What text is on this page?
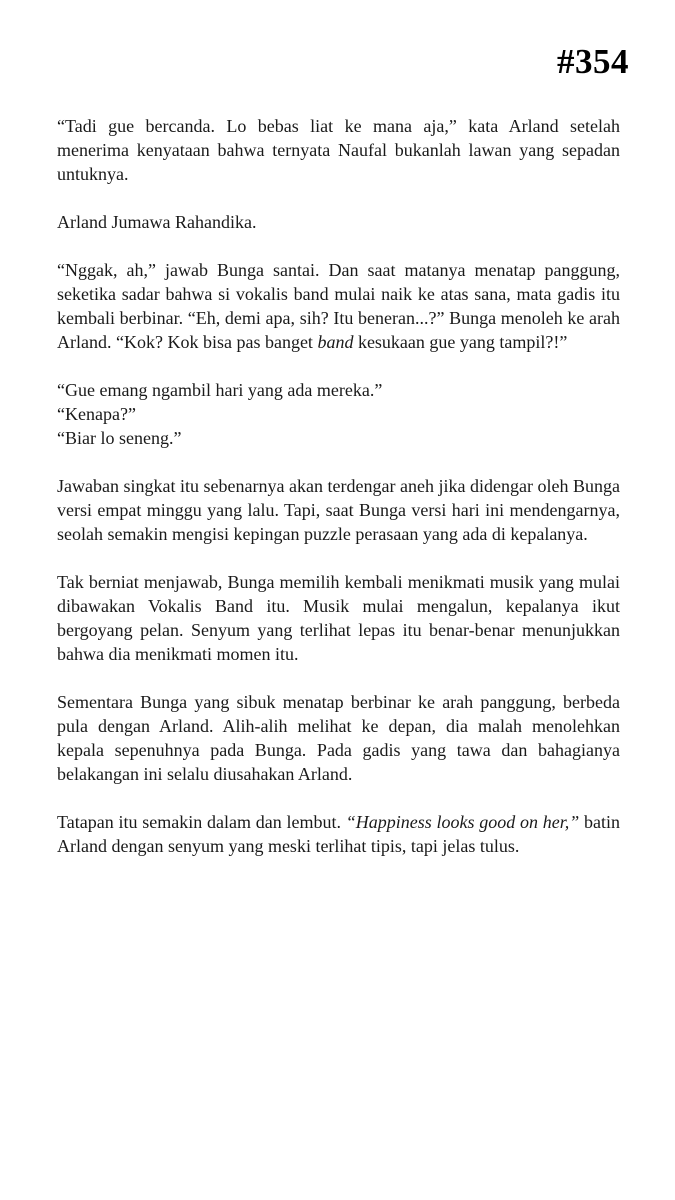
#354

“Tadi gue bercanda. Lo bebas liat ke mana aja,” kata Arland setelah menerima kenyataan bahwa ternyata Naufal bukanlah lawan yang sepadan untuknya.

Arland Jumawa Rahandika.

“Nggak, ah,” jawab Bunga santai. Dan saat matanya menatap panggung, seketika sadar bahwa si vokalis band mulai naik ke atas sana, mata gadis itu kembali berbinar. “Eh, demi apa, sih? Itu beneran...?” Bunga menoleh ke arah Arland. “Kok? Kok bisa pas banget band kesukaan gue yang tampil?!”

“Gue emang ngambil hari yang ada mereka.”

“Kenapa?”

“Biar lo seneng.”

Jawaban singkat itu sebenarnya akan terdengar aneh jika didengar oleh Bunga versi empat minggu yang lalu. Tapi, saat Bunga versi hari ini mendengarnya, seolah semakin mengisi kepingan puzzle perasaan yang ada di kepalanya.

Tak berniat menjawab, Bunga memilih kembali menikmati musik yang mulai dibawakan Vokalis Band itu. Musik mulai mengalun, kepalanya ikut bergoyang pelan. Senyum yang terlihat lepas itu benar-benar menunjukkan bahwa dia menikmati momen itu.

Sementara Bunga yang sibuk menatap berbinar ke arah panggung, berbeda pula dengan Arland. Alih-alih melihat ke depan, dia malah menolehkan kepala sepenuhnya pada Bunga. Pada gadis yang tawa dan bahagianya belakangan ini selalu diusahakan Arland.

Tatapan itu semakin dalam dan lembut. “Happiness looks good on her,” batin Arland dengan senyum yang meski terlihat tipis, tapi jelas tulus.
